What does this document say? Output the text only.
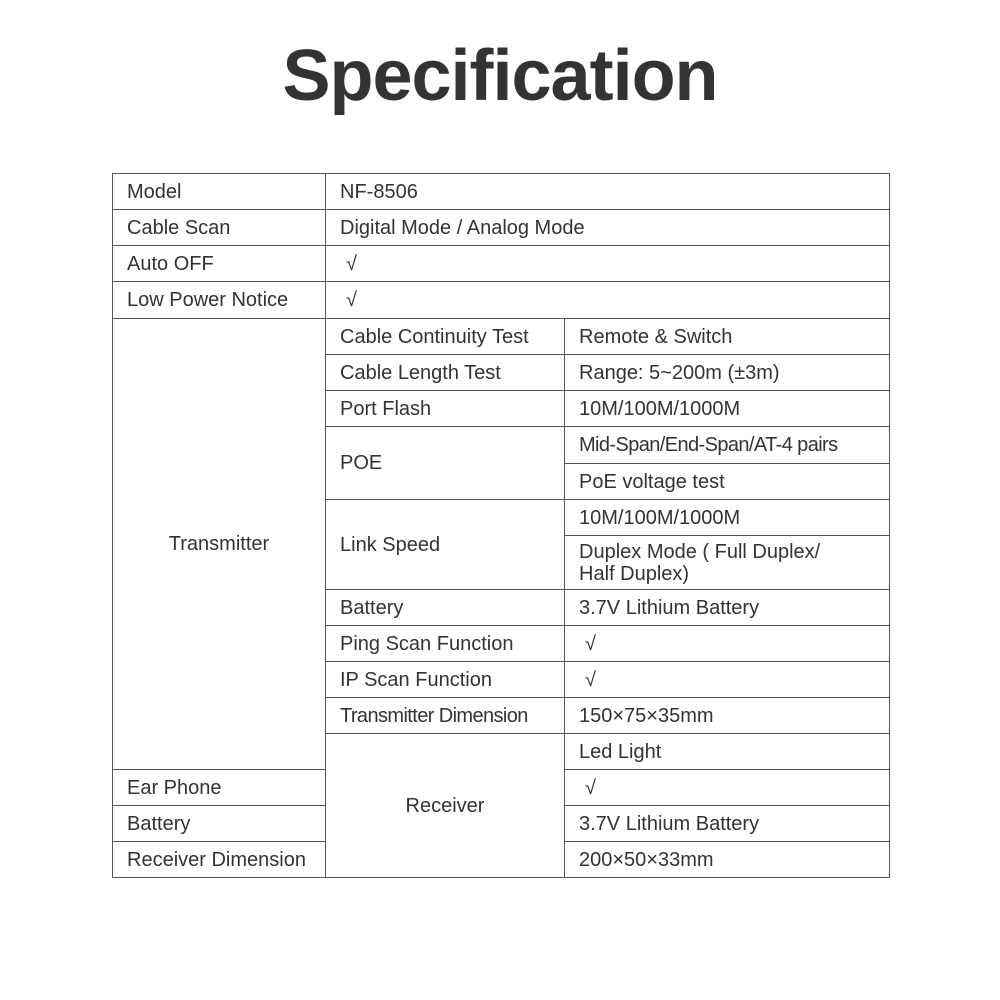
Specification
Model	NF-8506		
Cable Scan	Digital Mode / Analog Mode		
Auto OFF	√		
Low Power Notice	√		
Transmitter	Cable Continuity Test	Remote & Switch	
	Cable Length Test	Range: 5~200m (±3m)	
	Port Flash	10M/100M/1000M	
	POE	Mid-Span/End-Span/AT-4 pairs	
		PoE voltage test	
	Link Speed	10M/100M/1000M	
		Duplex Mode ( Full Duplex/
Half Duplex)	
	Battery	3.7V Lithium Battery	
	Ping Scan Function	√	
	IP Scan Function	√	
	Transmitter Dimension	150×75×35mm	
	Receiver	Led Light	
Ear Phone		√	
Battery		3.7V Lithium Battery	
Receiver Dimension		200×50×33mm	
